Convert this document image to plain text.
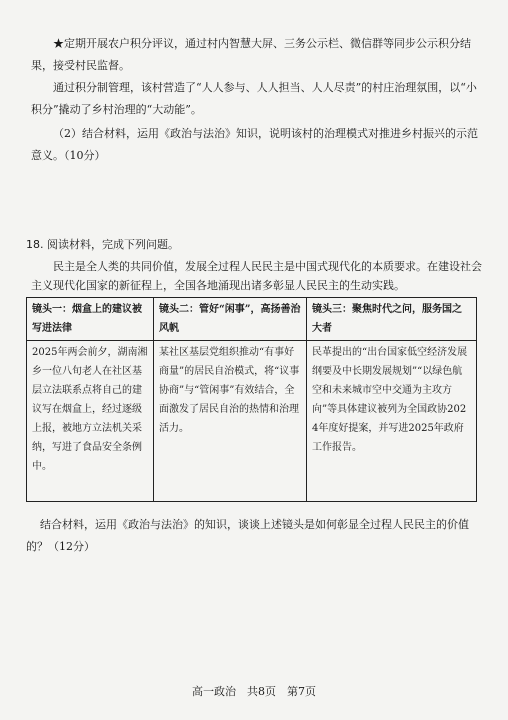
★定期开展农户积分评议，通过村内智慧大屏、三务公示栏、微信群等同步公示积分结
果，接受村民监督。
通过积分制管理，该村营造了“人人参与、人人担当、人人尽责”的村庄治理氛围，以“小
积分”撬动了乡村治理的“大动能”。
（2）结合材料，运用《政治与法治》知识，说明该村的治理模式对推进乡村振兴的示范
意义。（10分）
18. 阅读材料，完成下列问题。
民主是全人类的共同价值，发展全过程人民民主是中国式现代化的本质要求。在建设社会
主义现代化国家的新征程上，全国各地涌现出诸多彰显人民民主的生动实践。
镜头一：烟盒上的建议被写进法律	镜头二：管好“闲事”，高扬善治风帆	镜头三：聚焦时代之问，服务国之大者
2025年两会前夕，湖南湘乡一位八旬老人在社区基层立法联系点将自己的建议写在烟盒上，经过逐级上报，被地方立法机关采纳，写进了食品安全条例中。	某社区基层党组织推动“有事好商量”的居民自治模式，将“议事协商”与“管闲事”有效结合，全面激发了居民自治的热情和治理活力。	民革提出的“出台国家低空经济发展纲要及中长期发展规划”“以绿色航空和未来城市空中交通为主攻方向”等具体建议被列为全国政协2024年度好提案，并写进2025年政府工作报告。
结合材料，运用《政治与法治》的知识，谈谈上述镜头是如何彰显全过程人民民主的价值
的？（12分）
高一政治　共8页　第7页
